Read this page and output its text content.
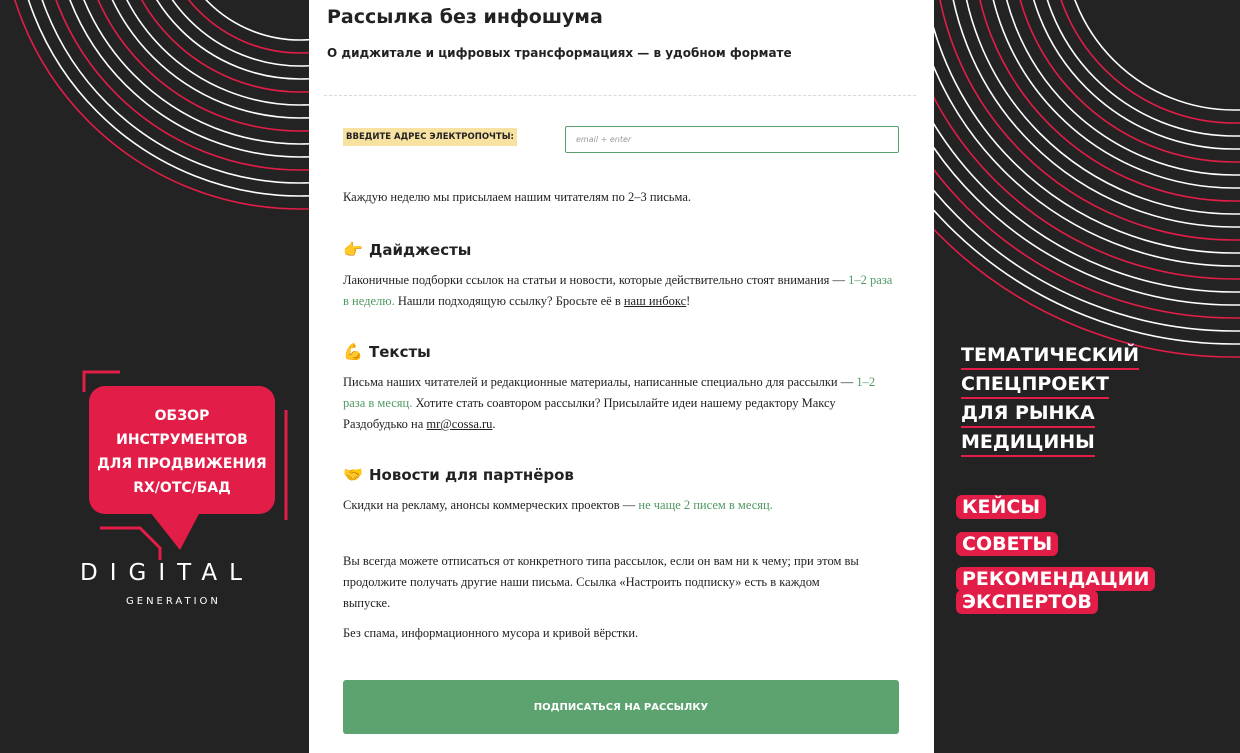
ОБЗОР
ИНСТРУМЕНТОВ
ДЛЯ ПРОДВИЖЕНИЯ
RX/OTC/БАД
DIGITAL
GENERATION
Рассылка без инфошума
О диджитале и цифровых трансформациях — в удобном формате
ВВЕДИТЕ АДРЕС ЭЛЕКТРОПОЧТЫ:
email + enter

Каждую неделю мы присылаем нашим читателям по 2–3 письма.

👉 Дайджесты

Лаконичные подборки ссылок на статьи и новости, которые действительно стоят внимания — 1–2 раза в неделю. Нашли подходящую ссылку? Бросьте её в наш инбокс!

💪 Тексты

Письма наших читателей и редакционные материалы, написанные специально для рассылки — 1–2 раза в месяц. Хотите стать соавтором рассылки? Присылайте идеи нашему редактору Максу Раздобудько на mr@cossa.ru.

🤝 Новости для партнёров

Скидки на рекламу, анонсы коммерческих проектов — не чаще 2 писем в месяц.

Вы всегда можете отписаться от конкретного типа рассылок, если он вам ни к чему; при этом вы продолжите получать другие наши письма. Ссылка «Настроить подписку» есть в каждом выпуске.

Без спама, информационного мусора и кривой вёрстки.

ПОДПИСАТЬСЯ НА РАССЫЛКУ
ТЕМАТИЧЕСКИЙ
СПЕЦПРОЕКТ
ДЛЯ РЫНКА
МЕДИЦИНЫ
КЕЙСЫ
СОВЕТЫ
РЕКОМЕНДАЦИИ
ЭКСПЕРТОВ
